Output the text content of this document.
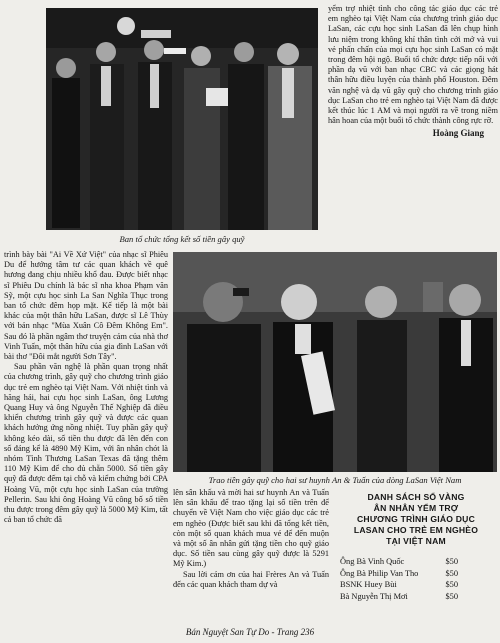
Ban tổ chức tổng kết số tiền gây quỹ

yểm trợ nhiệt tình cho công tác giáo dục các trẻ em nghèo tại Việt Nam của chương trình giáo dục LaSan, các cựu học sinh LaSan đã lên chụp hình lưu niệm trong không khí thân tình cởi mở và vui vẻ phấn chấn của mọi cựu học sinh LaSan có mặt trong đêm hội ngộ. Buổi tổ chức được tiếp nối với phần dạ vũ với ban nhạc CBC và các giọng hát thân hữu điều luyện của thành phố Houston. Đêm văn nghệ và dạ vũ gây quỹ cho chương trình giáo dục LaSan cho trẻ em nghèo tại Việt Nam đã được kết thúc lúc 1 AM và mọi người ra về trong niềm hân hoan của một buổi tổ chức thành công rực rỡ.

Hoàng Giang

trình bày bài "Ai Về Xứ Việt" của nhạc sĩ Phiêu Du để hướng tâm tư các quan khách về quê hương đang chịu nhiều khổ đau. Được biết nhạc sĩ Phiêu Du chính là bác sĩ nha khoa Phạm văn Sỹ, một cựu học sinh La San Nghĩa Thục trong ban tổ chức đêm họp mặt. Kế tiếp là một bài khác của một thân hữu LaSan, được sĩ Lê Thùy với bản nhạc "Mùa Xuân Cô Đêm Không Em". Sau đó là phần ngâm thơ truyện cảm của nhà thơ Vinh Tuấn, một thân hữu của gia đình LaSan với bài thơ "Đôi mắt người Sơn Tây".

Sau phần văn nghệ là phần quan trọng nhất của chương trình, gây quỹ cho chương trình giáo dục trẻ em nghèo tại Việt Nam. Với nhiệt tình và hăng hái, hai cựu học sinh LaSan, ông Lương Quang Huy và ông Nguyễn Thế Nghiệp đã điều khiển chương trình gây quỹ và được các quan khách hưởng ứng nồng nhiệt. Tuy phần gây quỹ không kéo dài, số tiền thu được đã lên đến con số đáng kể là 4890 Mỹ Kim, với ân nhân chót là nhóm Tình Thương LaSan Texas đã tặng thêm 110 Mỹ Kim để cho đủ chẵn 5000. Số tiền gây quỹ đã được đếm tại chỗ và kiểm chứng bởi CPA Hoàng Vũ, một cựu học sinh LaSan của trường Pellerin. Sau khi ông Hoàng Vũ công bố số tiền thu được trong đêm gây quỹ là 5000 Mỹ Kim, tất cả ban tổ chức đã

Trao tiền gây quỹ cho hai sư huynh An & Tuấn của dòng LaSan Việt Nam

lên sân khấu và mời hai sư huynh An và Tuấn lên sân khấu để trao tặng lại số tiền trên để chuyển về Việt Nam cho việc giáo dục các trẻ em nghèo (Được biết sau khi đã tổng kết tiền, còn một số quan khách mua vé để đến muộn và một số ân nhân gửi tặng tiền cho quỹ giáo dục. Số tiền sau cùng gây quỹ được là 5291 Mỹ Kim.)

Sau lời cám ơn của hai Frères An và Tuấn đến các quan khách tham dự và

DANH SÁCH SỔ VÀNG
ÂN NHÂN YỂM TRỢ
CHƯƠNG TRÌNH GIÁO DỤC
LASAN CHO TRẺ EM NGHÈO
TẠI VIỆT NAM
Ông Bà Vinh Quốc	$50
Ông Bà Philip Van Tho	$50
BSNK Huey Bùi	$50
Bà Nguyễn Thị Mơi	$50
Bán Nguyệt San Tự Do - Trang 236
